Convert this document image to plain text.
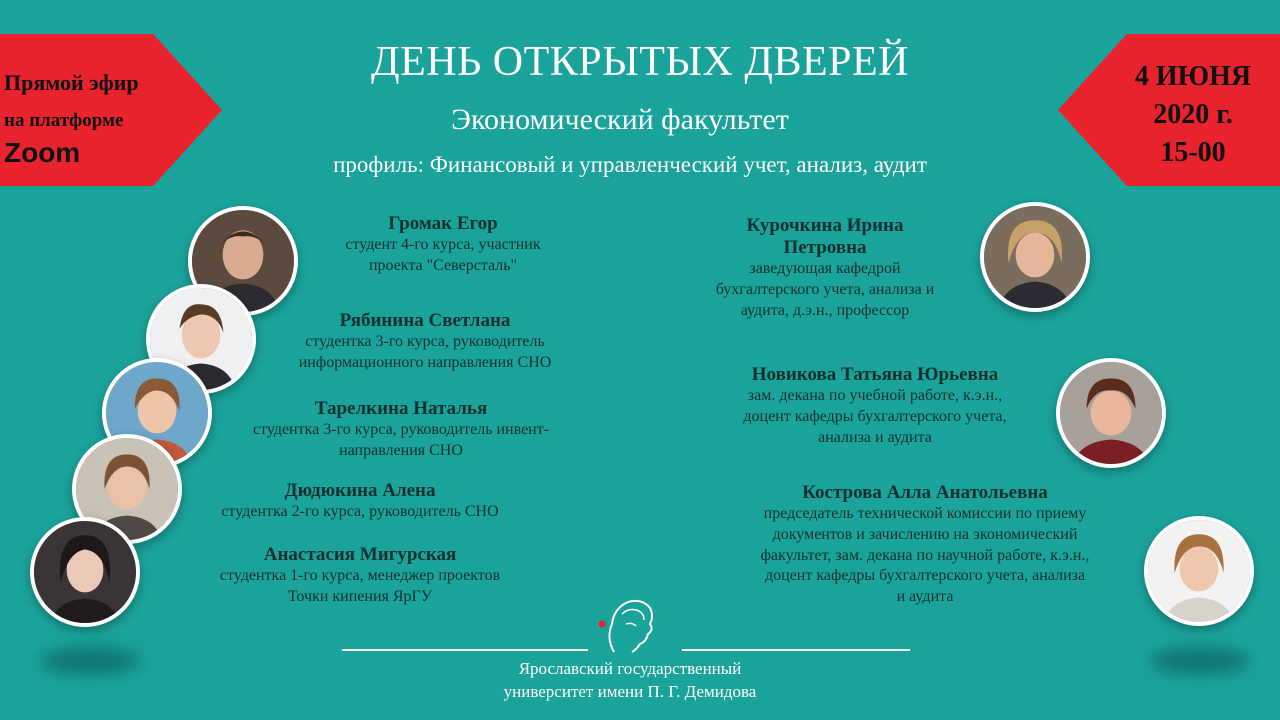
ДЕНЬ ОТКРЫТЫХ ДВЕРЕЙ
Экономический факультет
профиль: Финансовый и управленческий учет, анализ, аудит
Прямой эфир
на платформе
Zoom
4 ИЮНЯ
2020 г.
15-00
Громак Егор
студент 4-го курса, участник
проекта "Северсталь"
Рябинина Светлана
студентка 3-го курса, руководитель
информационного направления СНО
Тарелкина Наталья
студентка 3-го курса, руководитель инвент-
направления СНО
Дюдюкина Алена
студентка 2-го курса, руководитель СНО
Анастасия Мигурская
студентка 1-го курса, менеджер проектов
Точки кипения ЯрГУ
Курочкина Ирина
Петровна
заведующая кафедрой
бухгалтерского учета, анализа и
аудита, д.э.н., профессор
Новикова Татьяна Юрьевна
зам. декана по учебной работе, к.э.н.,
доцент кафедры бухгалтерского учета,
анализа и аудита
Кострова Алла Анатольевна
председатель технической комиссии по приему
документов и зачислению на экономический
факультет, зам. декана по научной работе, к.э.н.,
доцент кафедры бухгалтерского учета, анализа
и аудита
Ярославский государственный
университет имени П. Г. Демидова
